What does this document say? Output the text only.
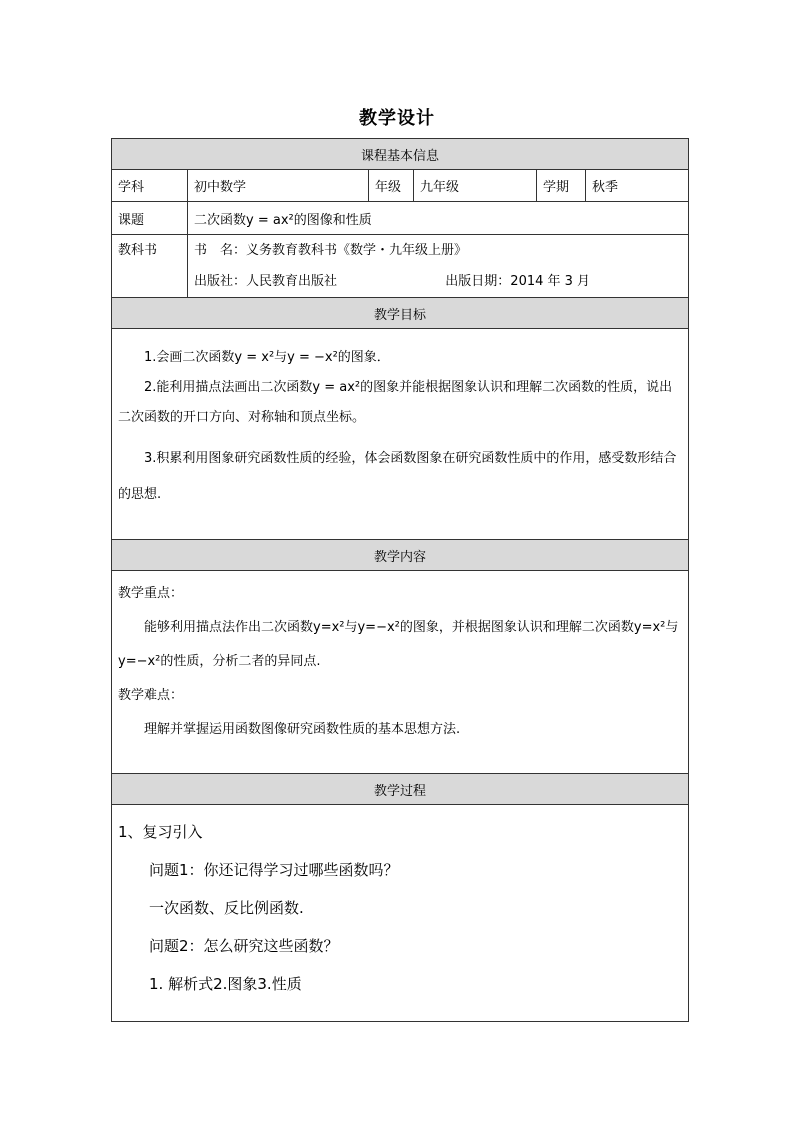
教学设计
课程基本信息					
学科	初中数学	年级	九年级	学期	秋季
课题	二次函数y = ax²的图像和性质				

教科书	书　名：义务教育教科书《数学・九年级上册》
出版社：人民教育出版社 出版日期：2014 年 3 月				

教学目标					

1.会画二次函数y = x²与y = −x²的图象．

2.能利用描点法画出二次函数y = ax²的图象并能根据图象认识和理解二次函数的性质，说出二次函数的开口方向、对称轴和顶点坐标。

3.积累利用图象研究函数性质的经验，体会函数图象在研究函数性质中的作用，感受数形结合的思想.					

教学内容					

教学重点：

能够利用描点法作出二次函数y=x²与y=−x²的图象，并根据图象认识和理解二次函数y=x²与y=−x²的性质，分析二者的异同点.

教学难点：

理解并掌握运用函数图像研究函数性质的基本思想方法.					

教学过程					

1、复习引入

问题1：你还记得学习过哪些函数吗？

一次函数、反比例函数.

问题2：怎么研究这些函数？

1. 解析式2.图象3.性质					
